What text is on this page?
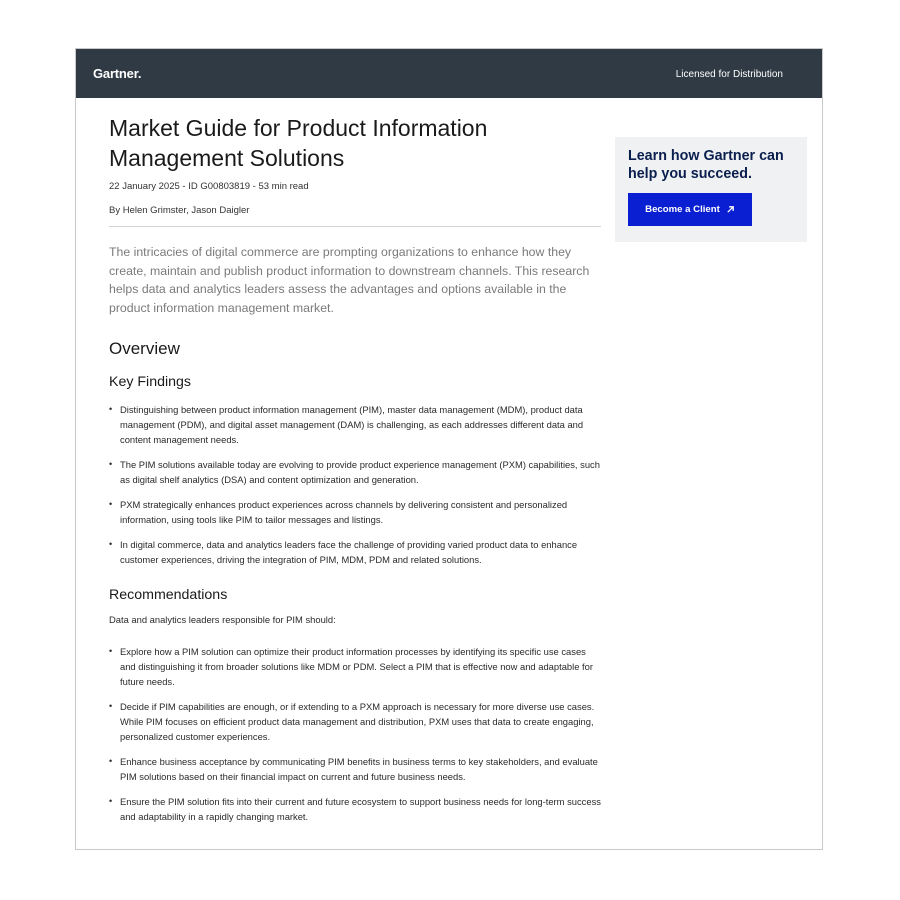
Gartner.	Licensed for Distribution
Market Guide for Product Information Management Solutions
22 January 2025 - ID G00803819 - 53 min read
By Helen Grimster, Jason Daigler
The intricacies of digital commerce are prompting organizations to enhance how they create, maintain and publish product information to downstream channels. This research helps data and analytics leaders assess the advantages and options available in the product information management market.
Overview
Key Findings
• Distinguishing between product information management (PIM), master data management (MDM), product data management (PDM), and digital asset management (DAM) is challenging, as each addresses different data and content management needs.
• The PIM solutions available today are evolving to provide product experience management (PXM) capabilities, such as digital shelf analytics (DSA) and content optimization and generation.
• PXM strategically enhances product experiences across channels by delivering consistent and personalized information, using tools like PIM to tailor messages and listings.
• In digital commerce, data and analytics leaders face the challenge of providing varied product data to enhance customer experiences, driving the integration of PIM, MDM, PDM and related solutions.
Recommendations
Data and analytics leaders responsible for PIM should:
• Explore how a PIM solution can optimize their product information processes by identifying its specific use cases and distinguishing it from broader solutions like MDM or PDM. Select a PIM that is effective now and adaptable for future needs.
• Decide if PIM capabilities are enough, or if extending to a PXM approach is necessary for more diverse use cases. While PIM focuses on efficient product data management and distribution, PXM uses that data to create engaging, personalized customer experiences.
• Enhance business acceptance by communicating PIM benefits in business terms to key stakeholders, and evaluate PIM solutions based on their financial impact on current and future business needs.
• Ensure the PIM solution fits into their current and future ecosystem to support business needs for long-term success and adaptability in a rapidly changing market.
Learn how Gartner can help you succeed.
Become a Client
